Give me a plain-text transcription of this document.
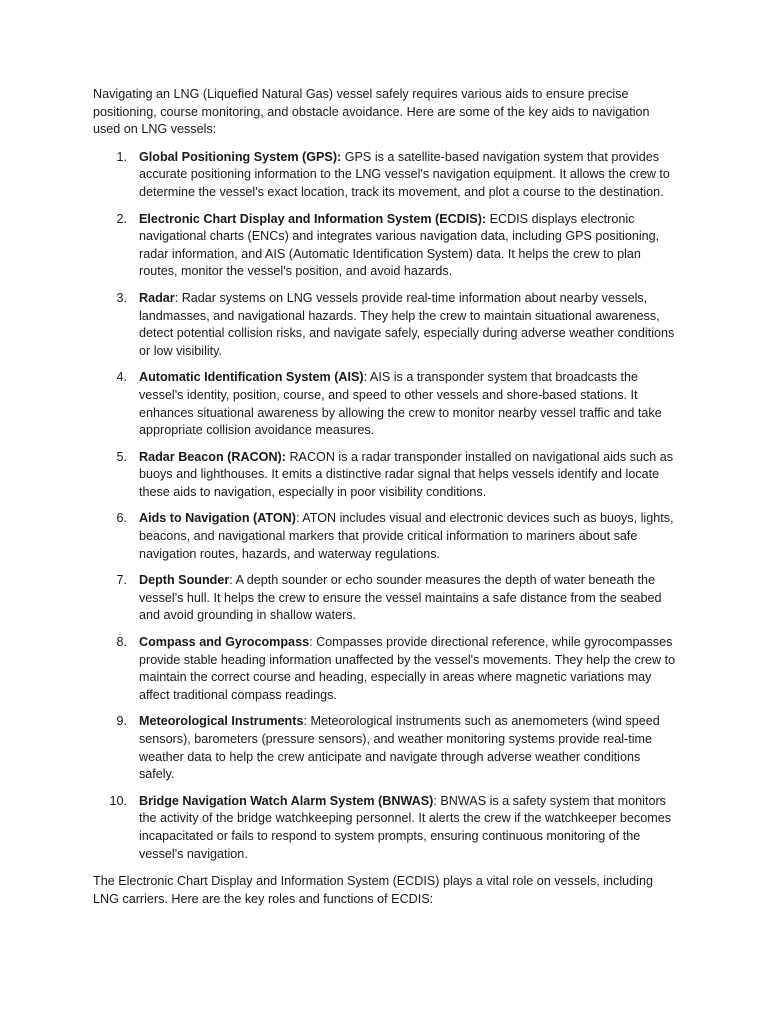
Navigating an LNG (Liquefied Natural Gas) vessel safely requires various aids to ensure precise positioning, course monitoring, and obstacle avoidance. Here are some of the key aids to navigation used on LNG vessels:

1. Global Positioning System (GPS): GPS is a satellite-based navigation system that provides accurate positioning information to the LNG vessel's navigation equipment. It allows the crew to determine the vessel's exact location, track its movement, and plot a course to the destination.
2. Electronic Chart Display and Information System (ECDIS): ECDIS displays electronic navigational charts (ENCs) and integrates various navigation data, including GPS positioning, radar information, and AIS (Automatic Identification System) data. It helps the crew to plan routes, monitor the vessel's position, and avoid hazards.
3. Radar: Radar systems on LNG vessels provide real-time information about nearby vessels, landmasses, and navigational hazards. They help the crew to maintain situational awareness, detect potential collision risks, and navigate safely, especially during adverse weather conditions or low visibility.
4. Automatic Identification System (AIS): AIS is a transponder system that broadcasts the vessel's identity, position, course, and speed to other vessels and shore-based stations. It enhances situational awareness by allowing the crew to monitor nearby vessel traffic and take appropriate collision avoidance measures.
5. Radar Beacon (RACON): RACON is a radar transponder installed on navigational aids such as buoys and lighthouses. It emits a distinctive radar signal that helps vessels identify and locate these aids to navigation, especially in poor visibility conditions.
6. Aids to Navigation (ATON): ATON includes visual and electronic devices such as buoys, lights, beacons, and navigational markers that provide critical information to mariners about safe navigation routes, hazards, and waterway regulations.
7. Depth Sounder: A depth sounder or echo sounder measures the depth of water beneath the vessel's hull. It helps the crew to ensure the vessel maintains a safe distance from the seabed and avoid grounding in shallow waters.
8. Compass and Gyrocompass: Compasses provide directional reference, while gyrocompasses provide stable heading information unaffected by the vessel's movements. They help the crew to maintain the correct course and heading, especially in areas where magnetic variations may affect traditional compass readings.
9. Meteorological Instruments: Meteorological instruments such as anemometers (wind speed sensors), barometers (pressure sensors), and weather monitoring systems provide real-time weather data to help the crew anticipate and navigate through adverse weather conditions safely.
10. Bridge Navigation Watch Alarm System (BNWAS): BNWAS is a safety system that monitors the activity of the bridge watchkeeping personnel. It alerts the crew if the watchkeeper becomes incapacitated or fails to respond to system prompts, ensuring continuous monitoring of the vessel's navigation.

The Electronic Chart Display and Information System (ECDIS) plays a vital role on vessels, including LNG carriers. Here are the key roles and functions of ECDIS:
